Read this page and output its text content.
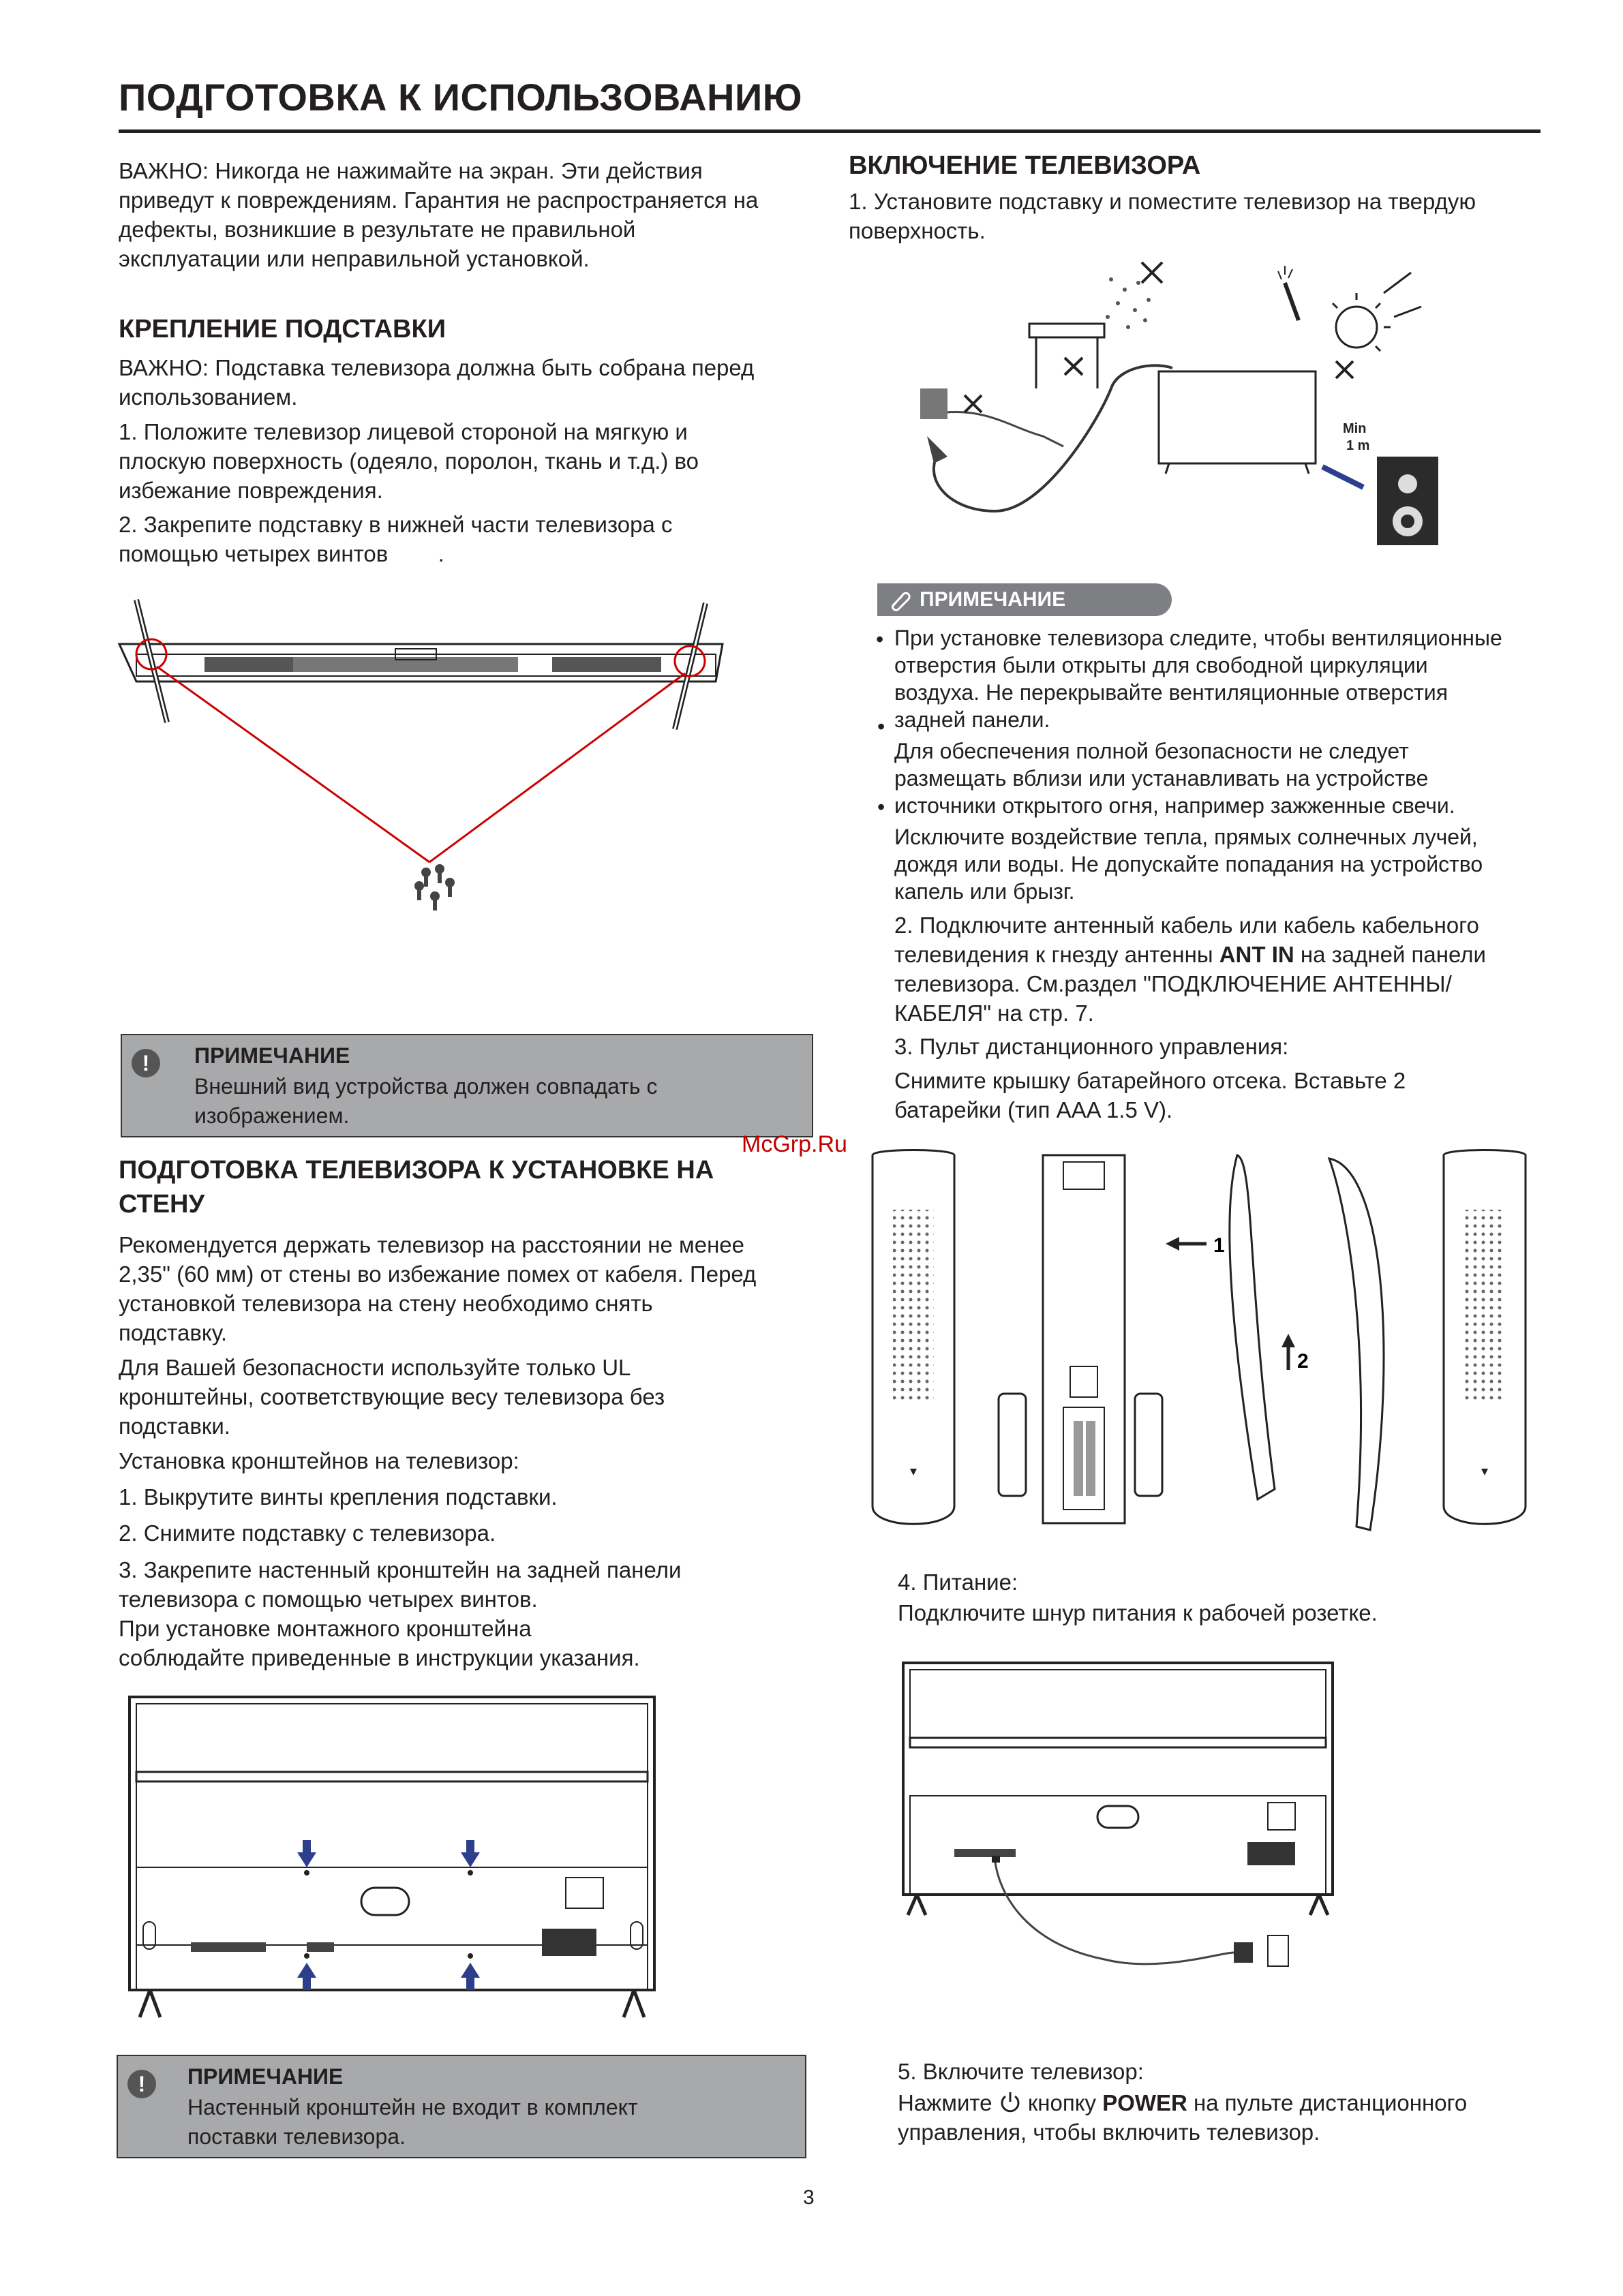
ПОДГОТОВКА К ИСПОЛЬЗОВАНИЮ
ВАЖНО: Никогда не нажимайте на экран. Эти действия
приведут к повреждениям. Гарантия не распространяется на
дефекты, возникшие в результате не правильной
эксплуатации или неправильной установкой.
КРЕПЛЕНИЕ ПОДСТАВКИ
ВАЖНО: Подставка телевизора должна быть собрана перед
использованием.
1. Положите телевизор лицевой стороной на мягкую и
плоскую поверхность (одеяло, поролон, ткань и т.д.) во
избежание повреждения.
2. Закрепите подставку в нижней части телевизора с
помощью четырех винтов        .
!	ПРИМЕЧАНИЕ
Внешний вид устройства должен совпадать с
изображением.
ПОДГОТОВКА ТЕЛЕВИЗОРА К УСТАНОВКЕ НА
СТЕНУ
Рекомендуется держать телевизор на расстоянии не менее
2,35" (60 мм) от стены во избежание помех от кабеля. Перед
установкой телевизора на стену необходимо снять
подставку.
Для Вашей безопасности используйте только UL
кронштейны, соответствующие весу телевизора без
подставки.
Установка кронштейнов на телевизор:
1. Выкрутите винты крепления подставки.
2. Снимите подставку с телевизора.
3. Закрепите настенный кронштейн на задней панели
телевизора с помощью четырех винтов.
При установке монтажного кронштейна
соблюдайте приведенные в инструкции указания.
!	ПРИМЕЧАНИЕ
Настенный кронштейн не входит в комплект
поставки телевизора.
ВКЛЮЧЕНИЕ ТЕЛЕВИЗОРА
1. Установите подставку и поместите телевизор на твердую
поверхность.
Min
1 m
ПРИМЕЧАНИЕ
•
•
•
При установке телевизора следите, чтобы вентиляционные
отверстия были открыты для свободной циркуляции
воздуха. Не перекрывайте вентиляционные отверстия
задней панели.
Для обеспечения полной безопасности не следует
размещать вблизи или устанавливать на устройстве
источники открытого огня, например зажженные свечи.
Исключите воздействие тепла, прямых солнечных лучей,
дождя или воды. Не допускайте попадания на устройство
капель или брызг.
2. Подключите антенный кабель или кабель кабельного
телевидения к гнезду антенны ANT IN на задней панели
телевизора. См.раздел "ПОДКЛЮЧЕНИЕ АНТЕННЫ/
КАБЕЛЯ" на стр. 7.
3. Пульт дистанционного управления:
Снимите крышку батарейного отсека. Вставьте 2
батарейки (тип AAA 1.5 V).
McGrp.Ru
1
2
4. Питание:
Подключите шнур питания к рабочей розетке.
5. Включите телевизор:
Нажмите  кнопку POWER на пульте дистанционного
управления, чтобы включить телевизор.
3
